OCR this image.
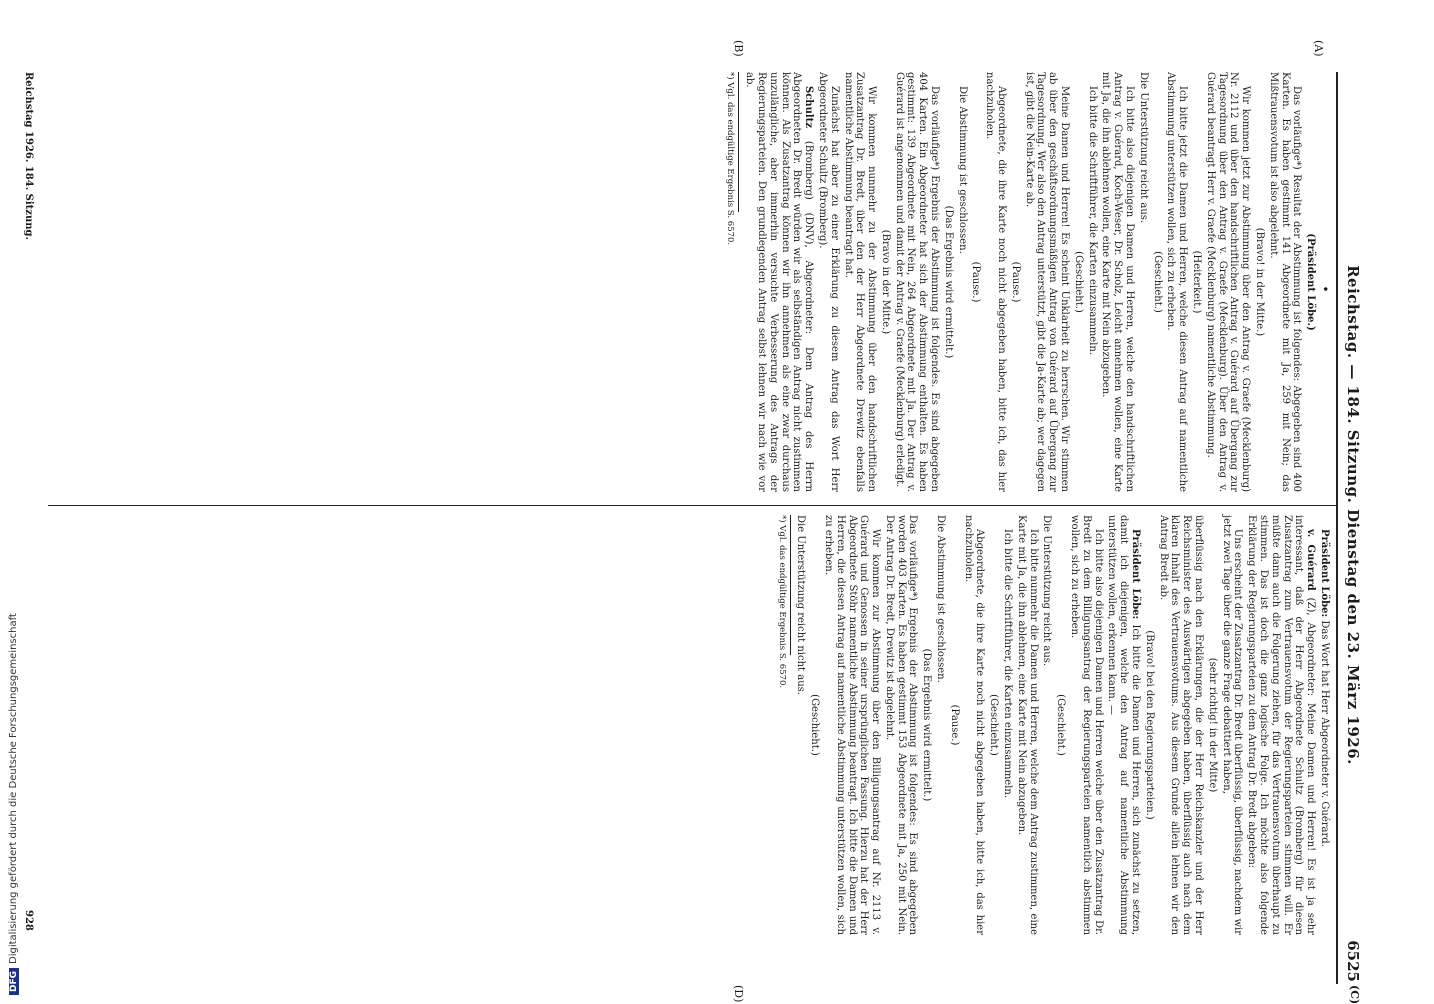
Reichstag. — 184. Sitzung. Dienstag den 23. März 1926.
6525
(C)
(A)
(B)
(D)

•

(Präsident Löbe.)

Das vorläufige*) Resultat der Abstimmung ist folgendes: Abgegeben sind 400 Karten. Es haben gestimmt 141 Abgeordnete mit Ja, 259 mit Nein; das Mißtrauensvotum ist also abgelehnt.

(Bravo! in der Mitte.)

Wir kommen jetzt zur Abstimmung über den Antrag v. Graefe (Mecklenburg) Nr. 2112 und über den handschriftlichen Antrag v. Guérard auf Übergang zur Tagesordnung über den Antrag v. Graefe (Mecklenburg). Über den Antrag v. Guérard beantragt Herr v. Graefe (Mecklenburg) namentliche Abstimmung.

(Heiterkeit.)

Ich bitte jetzt die Damen und Herren, welche diesen Antrag auf namentliche Abstimmung unterstützen wollen, sich zu erheben.

(Geschieht.)

Die Unterstützung reicht aus.

Ich bitte also diejenigen Damen und Herren, welche den handschriftlichen Antrag v. Guérard, Koch-Weser, Dr. Scholz, Leicht annehmen wollen, eine Karte mit Ja, die ihn ablehnen wollen, eine Karte mit Nein abzugeben.

Ich bitte die Schriftführer, die Karten einzusammeln.

(Geschieht.)

Meine Damen und Herren! Es scheint Unklarheit zu herrschen. Wir stimmen ab über den geschäftsordnungsmäßigen Antrag von Guérard auf Übergang zur Tagesordnung. Wer also den Antrag unterstützt, gibt die Ja-Karte ab; wer dagegen ist, gibt die Nein-Karte ab.

(Pause.)

Abgeordnete, die ihre Karte noch nicht abgegeben haben, bitte ich, das hier nachzuholen.

(Pause.)

Die Abstimmung ist geschlossen.

(Das Ergebnis wird ermittelt.)

Das vorläufige*) Ergebnis der Abstimmung ist folgendes. Es sind abgegeben 404 Karten. Ein Abgeordneter hat sich der Abstimmung enthalten. Es haben gestimmt: 139 Abgeordnete mit Nein, 264 Abgeordnete mit Ja. Der Antrag v. Guérard ist angenommen und damit der Antrag v. Graefe (Mecklenburg) erledigt.

(Bravo in der Mitte.)

Wir kommen nunmehr zu der Abstimmung über den handschriftlichen Zusatzantrag Dr. Bredt, über den der Herr Abgeordnete Drewitz ebenfalls namentliche Abstimmung beantragt hat.

Zunächst hat aber zu einer Erklärung zu diesem Antrag das Wort Herr Abgeordneter Schultz (Bromberg).

Schultz (Bromberg) (DNV), Abgeordneter: Dem Antrag des Herrn Abgeordneten Dr. Bredt würden wir als selbständigen Antrag nicht zustimmen können. Als Zusatzantrag können wir ihn annehmen als eine zwar durchaus unzulängliche, aber immerhin versuchte Verbesserung des Antrags der Regierungsparteien. Den grundlegenden Antrag selbst lehnen wir nach wie vor ab.

*) Vgl. das endgültige Ergebnis S. 6570.

Präsident Löbe: Das Wort hat Herr Abgeordneter v. Guérard.

v. Guérard (Z), Abgeordneter: Meine Damen und Herren! Es ist ja sehr interessant, daß der Herr Abgeordnete Schultz (Bromberg) für diesen Zusatzantrag zum Vertrauensvotum der Regierungsparteien stimmen will. Er müßte dann auch die Folgerung ziehen, für das Vertrauensvotum überhaupt zu stimmen. Das ist doch die ganz logische Folge. Ich möchte also folgende Erklärung der Regierungsparteien zu dem Antrag Dr. Bredt abgeben:

Uns erscheint der Zusatzantrag Dr. Bredt überflüssig, überflüssig, nachdem wir jetzt zwei Tage über die ganze Frage debattiert haben,

(sehr richtig! in der Mitte)

überflüssig nach den Erklärungen, die der Herr Reichskanzler und der Herr Reichsminister des Auswärtigen abgegeben haben, überflüssig auch nach dem klaren Inhalt des Vertrauensvotums. Aus diesem Grunde allein lehnen wir den Antrag Bredt ab.

(Bravo! bei den Regierungsparteien.)

Präsident Löbe: Ich bitte die Damen und Herren, sich zunächst zu setzen, damit ich diejenigen, welche den Antrag auf namentliche Abstimmung unterstützen wollen, erkennen kann. —

Ich bitte also diejenigen Damen und Herren welche über den Zusatzantrag Dr. Bredt zu dem Billigungsantrag der Regierungsparteien namentlich abstimmen wollen, sich zu erheben.

(Geschieht.)

Die Unterstützung reicht aus.

Ich bitte nunmehr die Damen und Herren, welche dem Antrag zustimmen, eine Karte mit Ja, die ihn ablehnen, eine Karte mit Nein abzugeben.

Ich bitte die Schriftführer, die Karten einzusammeln.

(Geschieht.)

Abgeordnete, die ihre Karte noch nicht abgegeben haben, bitte ich, das hier nachzuholen.

(Pause.)

Die Abstimmung ist geschlossen.

(Das Ergebnis wird ermittelt.)

Das vorläufige*) Ergebnis der Abstimmung ist folgendes: Es sind abgegeben worden 403 Karten. Es haben gestimmt 153 Abgeordnete mit Ja, 250 mit Nein. Der Antrag Dr. Bredt, Drewitz ist abgelehnt.

Wir kommen zur Abstimmung über den Billigungsantrag auf Nr. 2113 v. Guérard und Genossen in seiner ursprünglichen Fassung. Hierzu hat der Herr Abgeordnete Stöhr namentliche Abstimmung beantragt. Ich bitte die Damen und Herren, die diesen Antrag auf namentliche Abstimmung unterstützen wollen, sich zu erheben.

(Geschieht.)

Die Unterstützung reicht nicht aus.

*) Vgl. das endgültige Ergebnis S. 6570.

Reichstag 1926. 184. Sitzung.
928
DFGDigitalisierung gefördert durch die Deutsche Forschungsgemeinschaft
